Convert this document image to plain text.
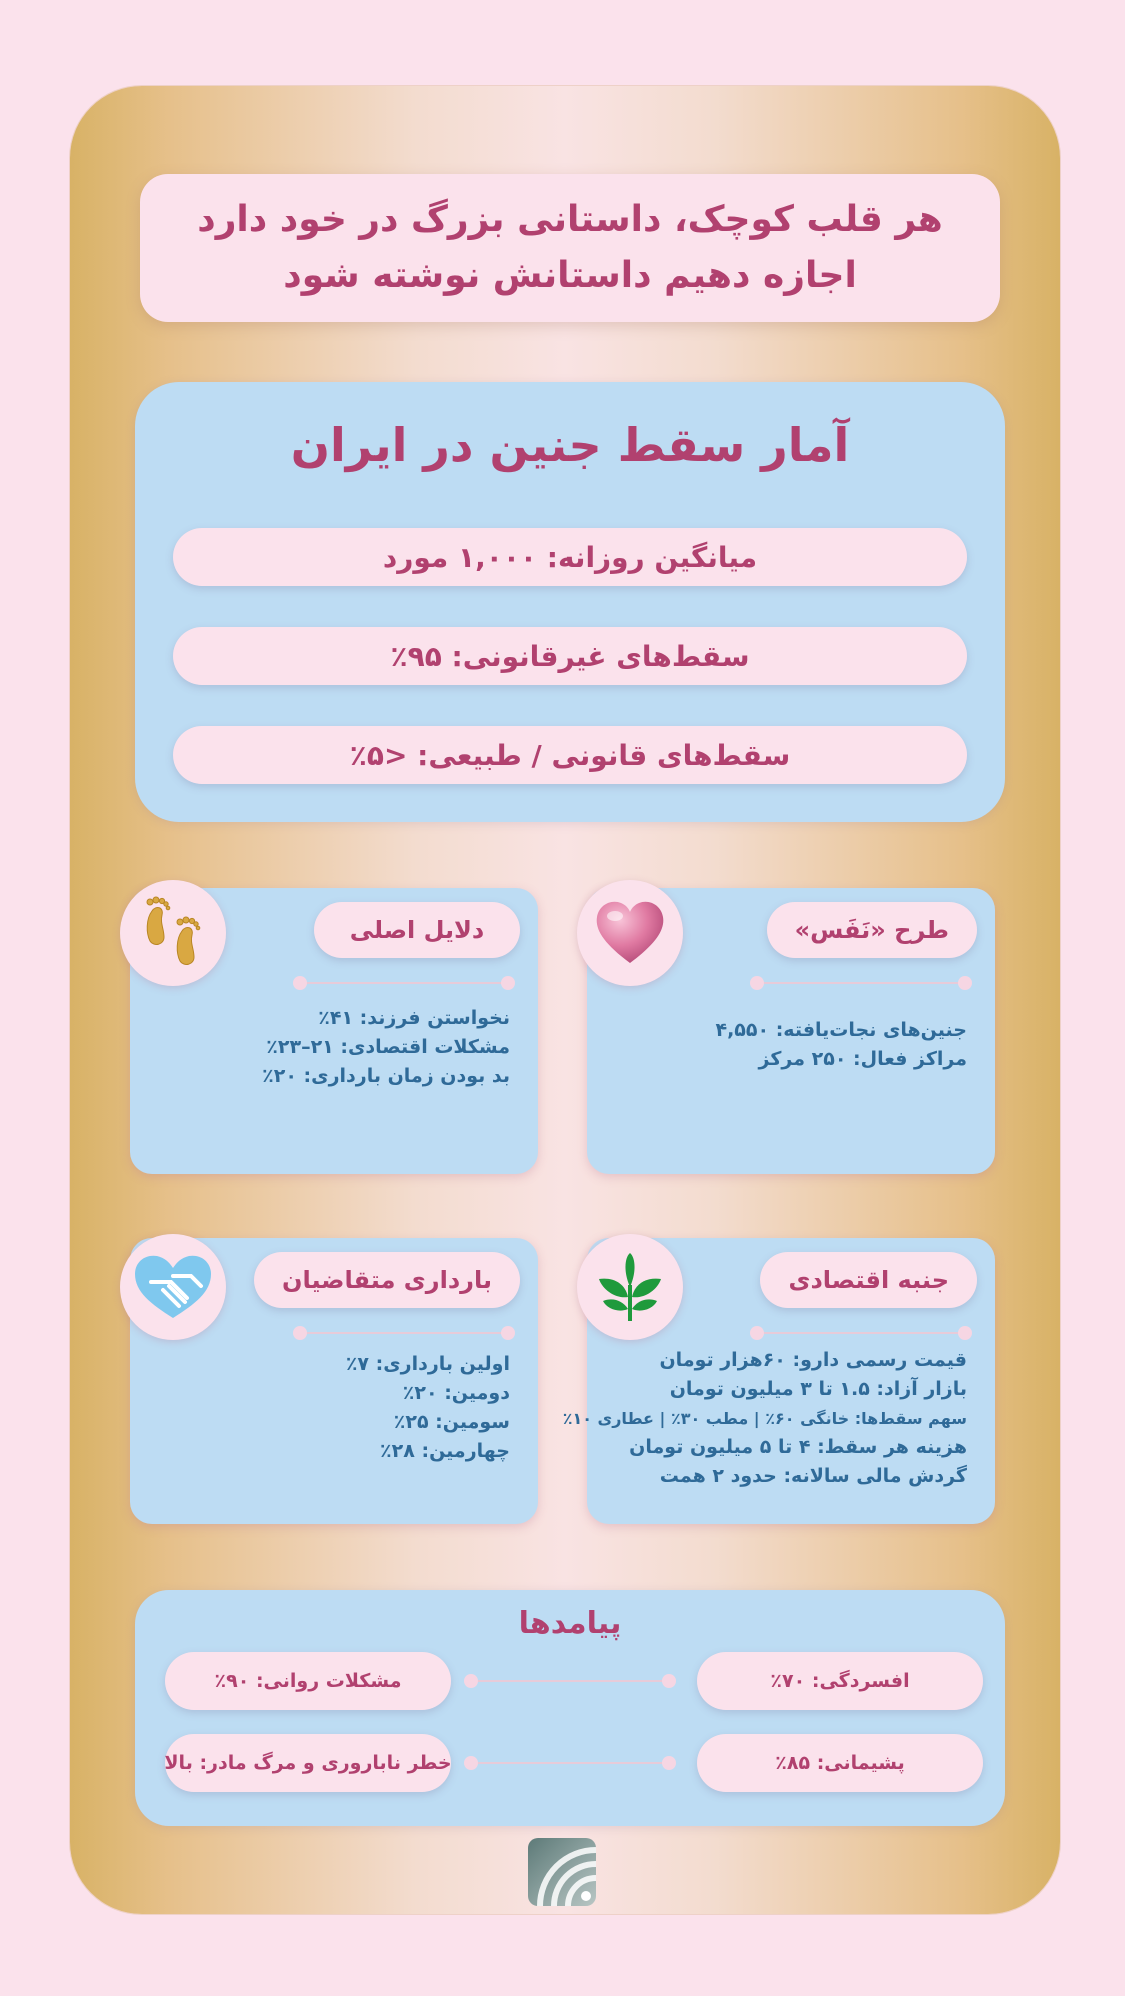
هر قلب کوچک، داستانی بزرگ در خود دارد
اجازه دهیم داستانش نوشته شود
آمار سقط جنین در ایران
میانگین روزانه: ۱,۰۰۰ مورد
سقط‌های غیرقانونی: ۹۵٪
سقط‌های قانونی / طبیعی: <۵٪
طرح «نَفَس»
جنین‌های نجات‌یافته: ۴,۵۵۰
مراکز فعال: ۲۵۰ مرکز
دلایل اصلی
نخواستن فرزند: ۴۱٪
مشکلات اقتصادی: ۲۱–۲۳٪
بد بودن زمان بارداری: ۲۰٪
جنبه اقتصادی
قیمت رسمی دارو: ۶۰هزار تومان
بازار آزاد: ۱.۵ تا ۳ میلیون تومان
سهم سقط‌ها: خانگی ۶۰٪ | مطب ۳۰٪ | عطاری ۱۰٪
هزینه هر سقط: ۴ تا ۵ میلیون تومان
گردش مالی سالانه: حدود ۲ همت
بارداری متقاضیان
اولین بارداری: ۷٪
دومین: ۲۰٪
سومین: ۲۵٪
چهارمین: ۲۸٪
پیامدها
افسردگی: ۷۰٪
مشکلات روانی: ۹۰٪
پشیمانی: ۸۵٪
خطر ناباروری و مرگ مادر: بالا
